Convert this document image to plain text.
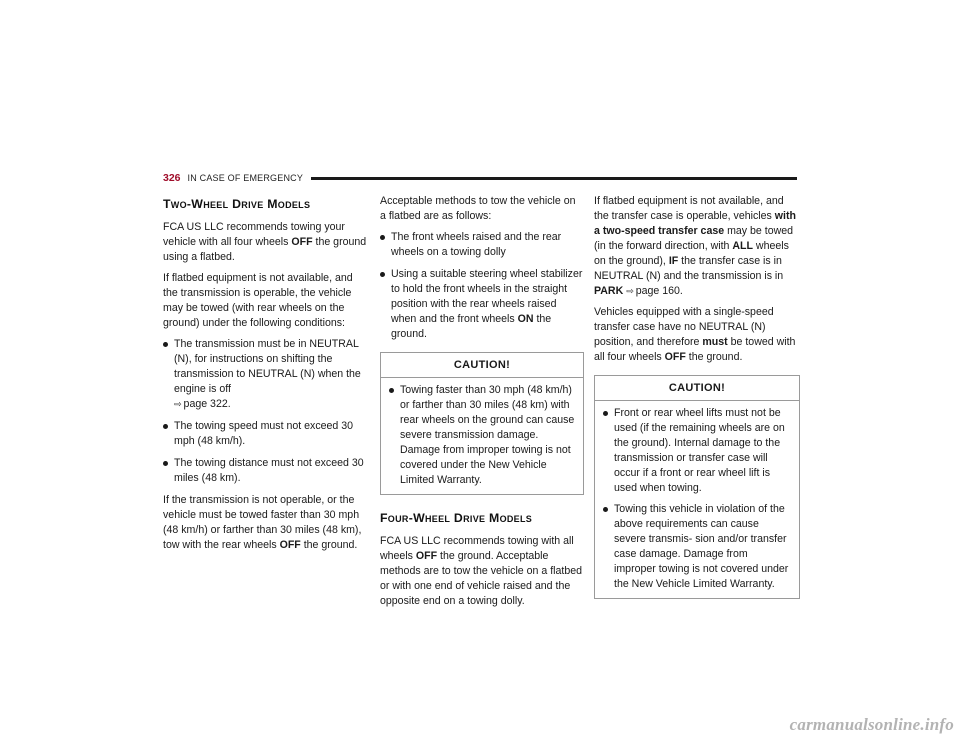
326 IN CASE OF EMERGENCY
Two-Wheel Drive Models

FCA US LLC recommends towing your vehicle with all four wheels OFF the ground using a flatbed.

If flatbed equipment is not available, and the transmission is operable, the vehicle may be towed (with rear wheels on the ground) under the following conditions:

The transmission must be in NEUTRAL (N), for instructions on shifting the transmission to NEUTRAL (N) when the engine is off
⇨ page 322.
The towing speed must not exceed 30 mph (48 km/h).
The towing distance must not exceed 30 miles (48 km).

If the transmission is not operable, or the vehicle must be towed faster than 30 mph (48 km/h) or farther than 30 miles (48 km), tow with the rear wheels OFF the ground.

Acceptable methods to tow the vehicle on a flatbed are as follows:

The front wheels raised and the rear wheels on a towing dolly
Using a suitable steering wheel stabilizer to hold the front wheels in the straight position with the rear wheels raised when and the front wheels ON the ground.
CAUTION!
Towing faster than 30 mph (48 km/h) or farther than 30 miles (48 km) with rear wheels on the ground can cause severe transmission damage. Damage from improper towing is not covered under the New Vehicle Limited Warranty.
Four-Wheel Drive Models

FCA US LLC recommends towing with all wheels OFF the ground. Acceptable methods are to tow the vehicle on a flatbed or with one end of vehicle raised and the opposite end on a towing dolly.

If flatbed equipment is not available, and the transfer case is operable, vehicles with a two-speed transfer case may be towed (in the forward direction, with ALL wheels on the ground), IF the transfer case is in NEUTRAL (N) and the transmission is in PARK ⇨ page 160.

Vehicles equipped with a single-speed transfer case have no NEUTRAL (N) position, and therefore must be towed with all four wheels OFF the ground.

CAUTION!
Front or rear wheel lifts must not be used (if the remaining wheels are on the ground). Internal damage to the transmission or transfer case will occur if a front or rear wheel lift is used when towing.
Towing this vehicle in violation of the above requirements can cause severe transmis- sion and/or transfer case damage. Damage from improper towing is not covered under the New Vehicle Limited Warranty.
carmanualsonline.info
